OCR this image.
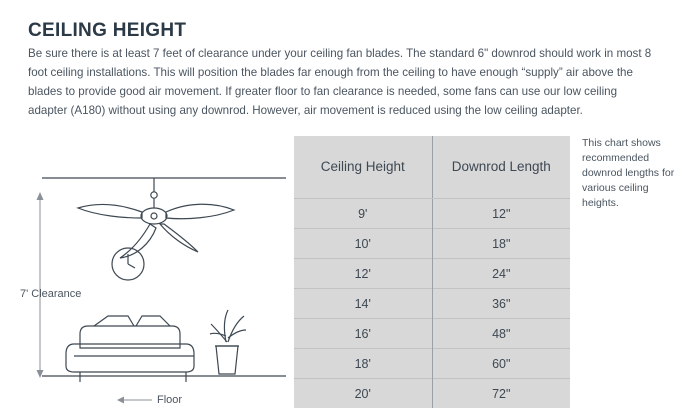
CEILING HEIGHT
Be sure there is at least 7 feet of clearance under your ceiling fan blades. The standard 6" downrod should work in most 8 foot ceiling installations. This will position the blades far enough from the ceiling to have enough “supply” air above the blades to provide good air movement. If greater floor to fan clearance is needed, some fans can use our low ceiling adapter (A180) without using any downrod. However, air movement is reduced using the low ceiling adapter.
7' Clearance
Floor
Ceiling Height	Downrod Length
9'	12"
10'	18"
12'	24"
14'	36"
16'	48"
18'	60"
20'	72"
This chart shows recommended downrod lengths for various ceiling heights.
